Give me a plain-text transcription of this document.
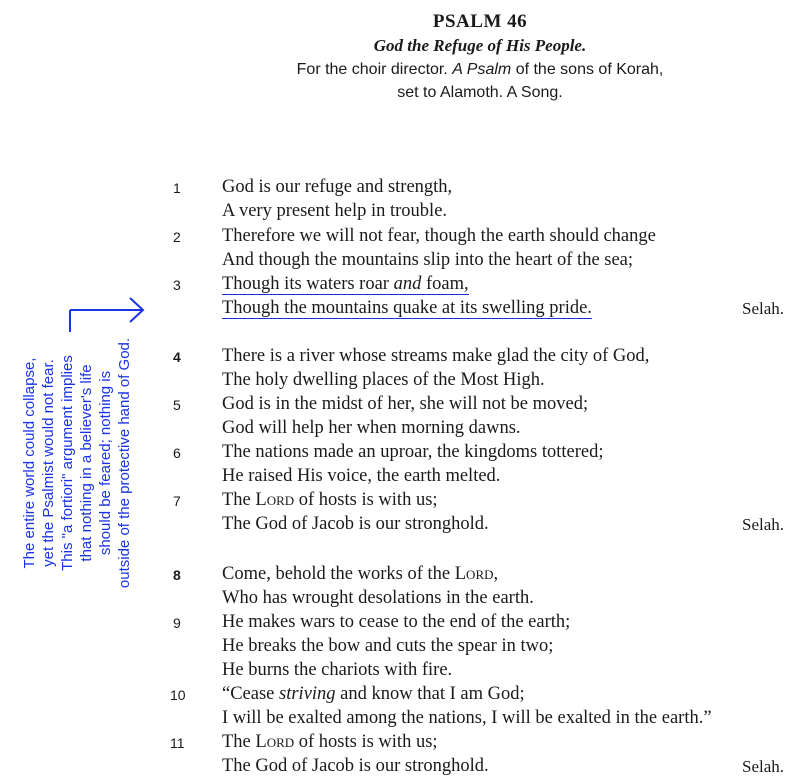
PSALM 46
God the Refuge of His People.
For the choir director. A Psalm of the sons of Korah,
set to Alamoth. A Song.
1 God is our refuge and strength,
A very present help in trouble.
2 Therefore we will not fear, though the earth should change
And though the mountains slip into the heart of the sea;
3 Though its waters roar and foam,
Though the mountains quake at its swelling pride.	Selah.
4 There is a river whose streams make glad the city of God,
The holy dwelling places of the Most High.
5 God is in the midst of her, she will not be moved;
God will help her when morning dawns.
6 The nations made an uproar, the kingdoms tottered;
He raised His voice, the earth melted.
7 The Lord of hosts is with us;
The God of Jacob is our stronghold.	Selah.
8 Come, behold the works of the Lord,
Who has wrought desolations in the earth.
9 He makes wars to cease to the end of the earth;
He breaks the bow and cuts the spear in two;
He burns the chariots with fire.
10 “Cease striving and know that I am God;
I will be exalted among the nations, I will be exalted in the earth.”
11 The Lord of hosts is with us;
The God of Jacob is our stronghold.	Selah.
The entire world could collapse, yet the Psalmist would not fear. This "a fortiori" argument implies that nothing in a believer's life should be feared; nothing is outside of the protective hand of God.
